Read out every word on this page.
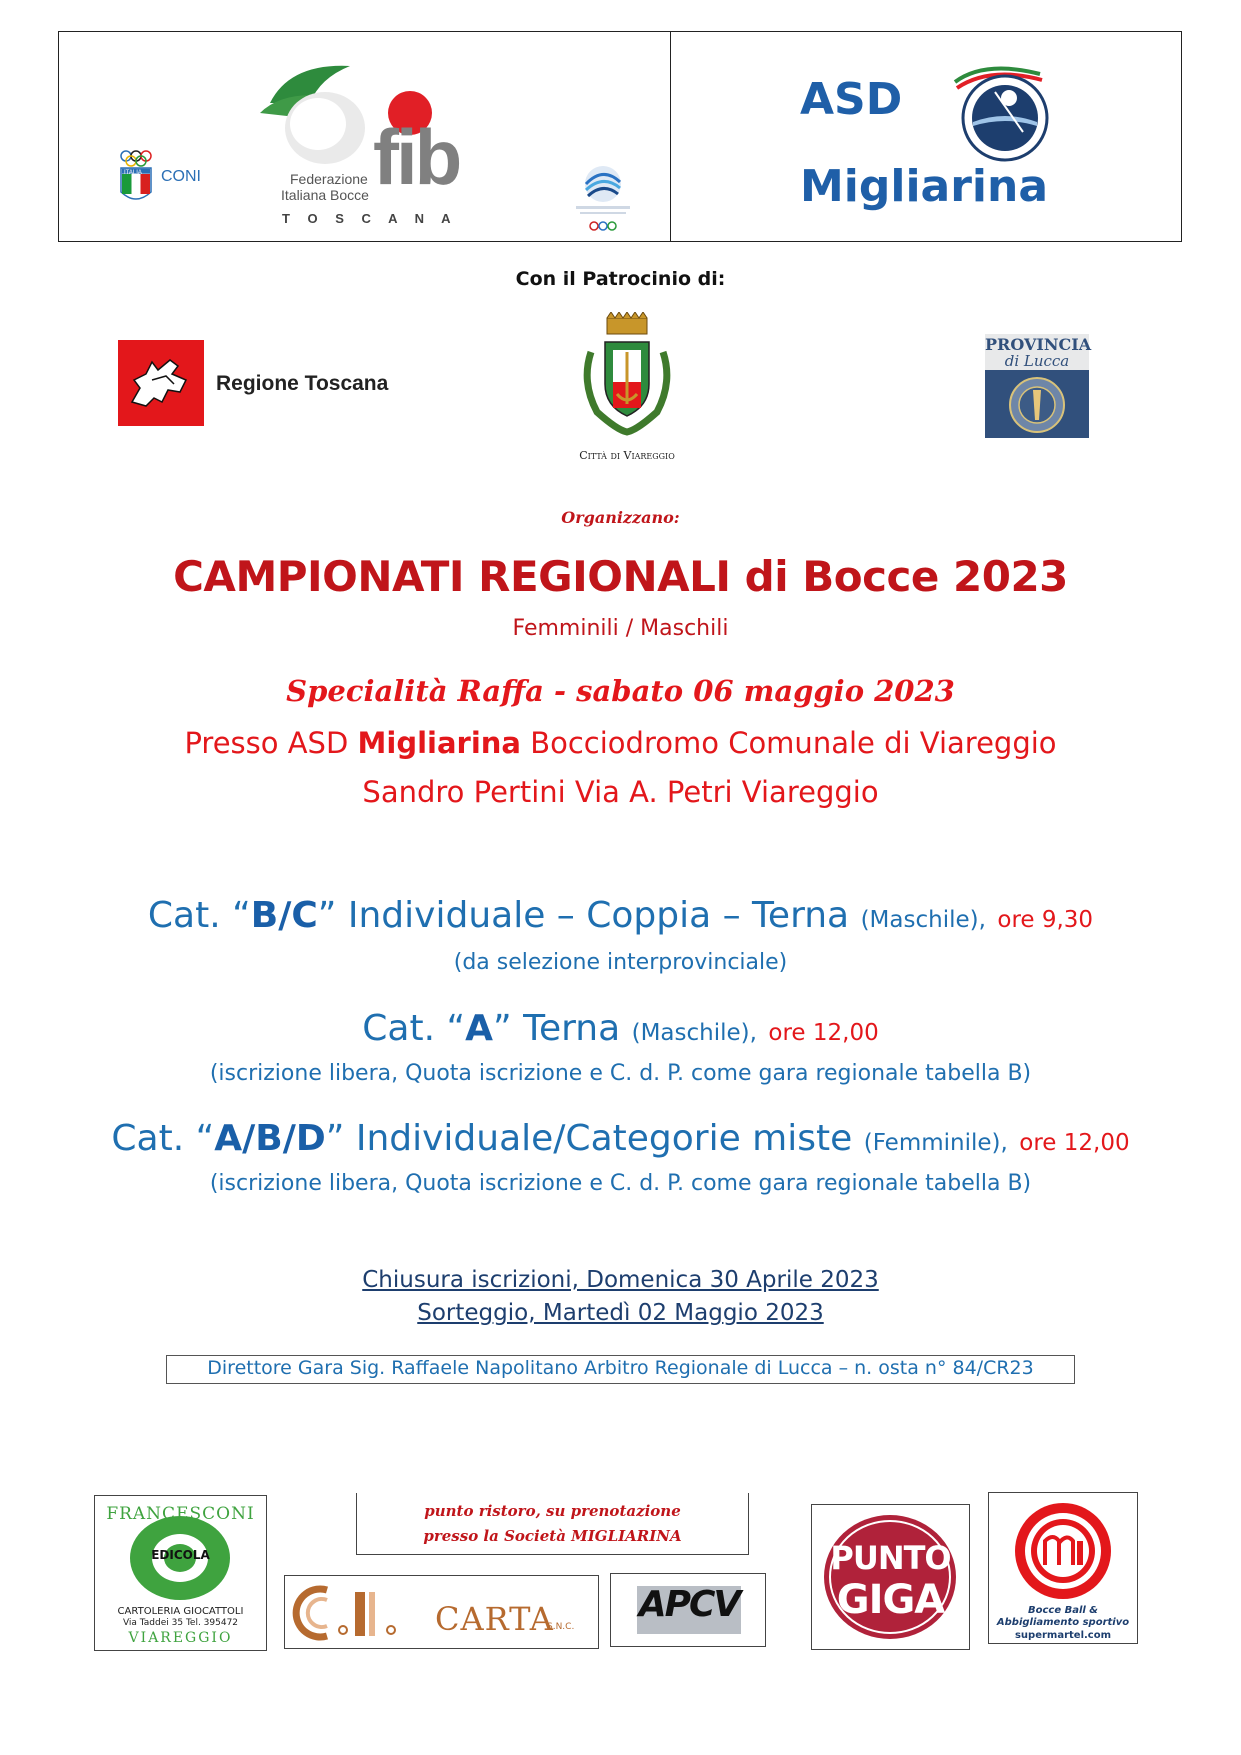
ITALIA CONI fib
Federazione
Italiana Bocce
T O S C A N A
ASD
Migliarina
Con il Patrocinio di:
Regione Toscana
Città di Viareggio
PROVINCIA
di Lucca
Organizzano:
CAMPIONATI REGIONALI di Bocce 2023
Femminili / Maschili
Specialità Raffa - sabato 06 maggio 2023
Presso ASD Migliarina Bocciodromo Comunale di Viareggio
Sandro Pertini Via A. Petri Viareggio
Cat. “B/C” Individuale – Coppia – Terna (Maschile), ore 9,30
(da selezione interprovinciale)
Cat. “A” Terna (Maschile), ore 12,00
(iscrizione libera, Quota iscrizione e C. d. P. come gara regionale tabella B)
Cat. “A/B/D” Individuale/Categorie miste (Femminile), ore 12,00
(iscrizione libera, Quota iscrizione e C. d. P. come gara regionale tabella B)
Chiusura iscrizioni, Domenica 30 Aprile 2023
Sorteggio, Martedì 02 Maggio 2023
Direttore Gara Sig. Raffaele Napolitano Arbitro Regionale di Lucca – n. osta n° 84/CR23
FRANCESCONI
EDICOLA
CARTOLERIA GIOCATTOLI
Via Taddei 35 Tel. 395472
VIAREGGIO
punto ristoro, su prenotazione
presso la Società MIGLIARINA
CARTA
S.N.C.
APCV
PUNTO
GIGA	Bocce Ball &
Abbigliamento sportivo
supermartel.com
